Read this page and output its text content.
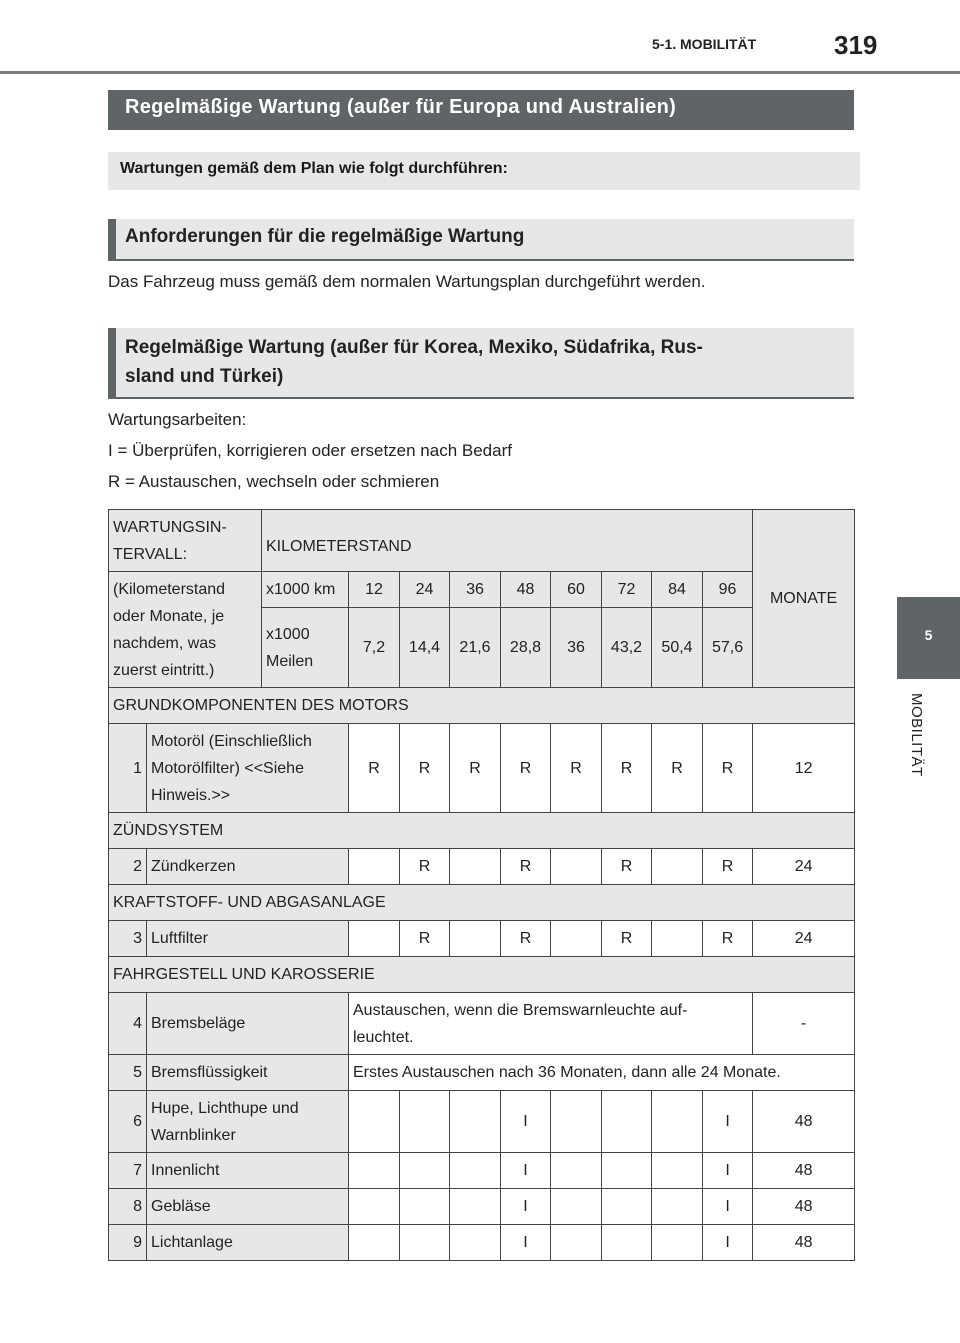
5-1. MOBILITÄT	319
Regelmäßige Wartung (außer für Europa und Australien)
Wartungen gemäß dem Plan wie folgt durchführen:
Anforderungen für die regelmäßige Wartung
Das Fahrzeug muss gemäß dem normalen Wartungsplan durchgeführt werden.
Regelmäßige Wartung (außer für Korea, Mexiko, Südafrika, Rus-
sland und Türkei)
Wartungsarbeiten:
I = Überprüfen, korrigieren oder ersetzen nach Bedarf
R = Austauschen, wechseln oder schmieren
5
MOBILITÄT
WARTUNGSIN-
TERVALL:		KILOMETERSTAND									MONATE

(Kilometerstand
oder Monate, je
nachdem, was
zuerst eintritt.)		x1000 km	12	24	36	48	60	72	84	96	

		x1000
Meilen	7,2	14,4	21,6	28,8	36	43,2	50,4	57,6	
GRUNDKOMPONENTEN DES MOTORS											
1	Motoröl (Einschließlich
Motorölfilter) <<Siehe
Hinweis.>>		R	R	R	R	R	R	R	R	12
ZÜNDSYSTEM											
2	Zündkerzen			R		R		R		R	24
KRAFTSTOFF- UND ABGASANLAGE											
3	Luftfilter			R		R		R		R	24
FAHRGESTELL UND KAROSSERIE											
4	Bremsbeläge		Austauschen, wenn die Bremswarnleuchte auf-
leuchtet.								-
5	Bremsflüssigkeit		Erstes Austauschen nach 36 Monaten, dann alle 24 Monate.								
6	Hupe, Lichthupe und
Warnblinker					I				I	48
7	Innenlicht					I				I	48
8	Gebläse					I				I	48
9	Lichtanlage					I				I	48
